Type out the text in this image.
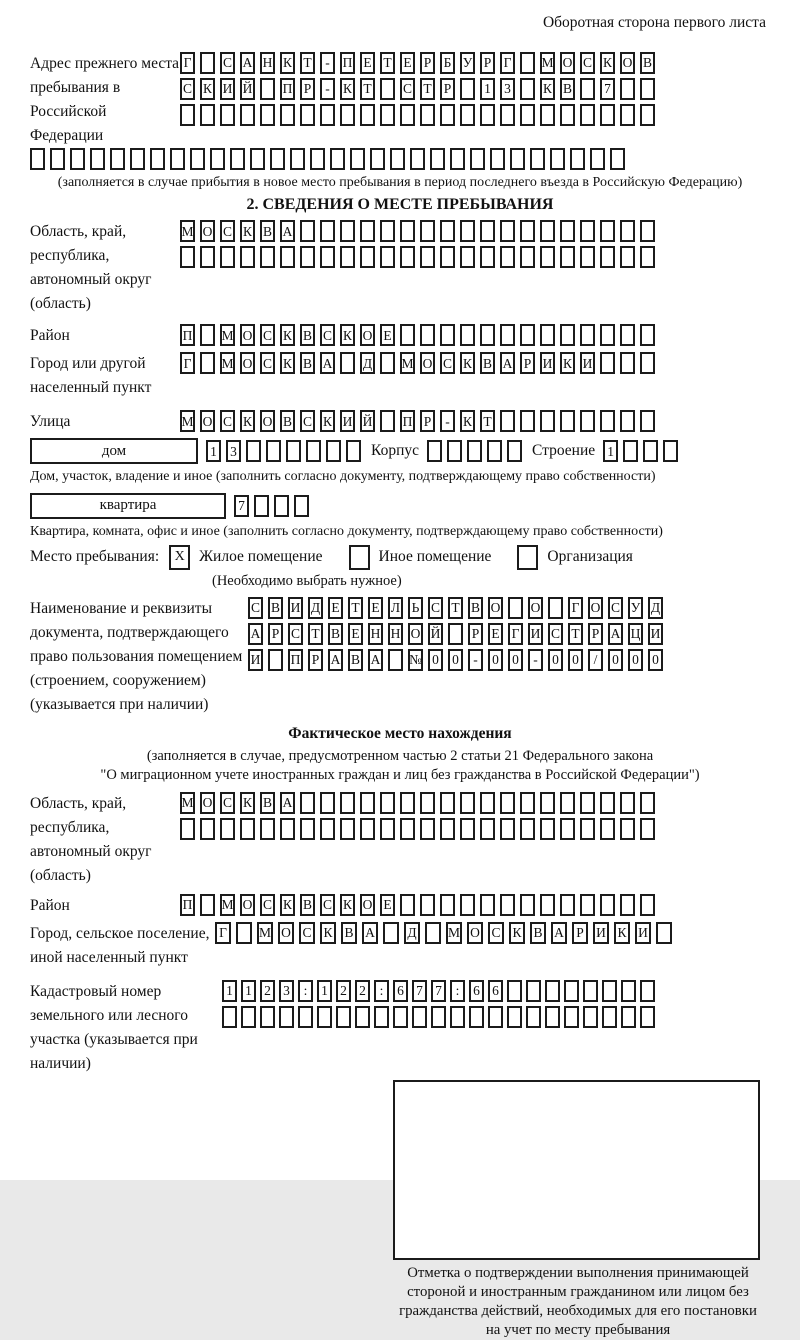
Оборотная сторона первого листа
Адрес прежнего места пребывания в Российской Федерации
Г С А Н К Т	- П Е Т Е Р Б У Р Г М О С К О В
С К И Й П Р	- К Т С Т Р	1 3	К В	7
(заполняется в случае прибытия в новое место пребывания в период последнего въезда в Российскую Федерацию)
2. СВЕДЕНИЯ О МЕСТЕ ПРЕБЫВАНИЯ
Область, край, республика, автономный округ (область)
М О С К В А
Район	П М О С К В С К О Е
Город или другой населенный пункт
Г М О С К В А Д М О С К В А Р И К И
Улица	М О С К О В С К И Й П Р	- К Т
дом	1 3	Корпус	Строение 1
Дом, участок, владение и иное (заполнить согласно документу, подтверждающему право собственности)
квартира	7
Квартира, комната, офис и иное (заполнить согласно документу, подтверждающему право собственности)
Место пребывания:	X Жилое помещение	Иное помещение	Организация
(Необходимо выбрать нужное)
Наименование и реквизиты документа, подтверждающего право пользования помещением (строением, сооружением) (указывается при наличии)
С В И Д Е Т Е Л Ь С Т В О О Г О С У Д
А Р С Т В Е Н Н О Й Р Е Г И С Т Р А Ц И
И П Р А В А № 0 0	-	0 0	-	0 0	/	0 0 0
Фактическое место нахождения
(заполняется в случае, предусмотренном частью 2 статьи 21 Федерального закона
"О миграционном учете иностранных граждан и лиц без гражданства в Российской Федерации")
Область, край, республика, автономный округ (область)
М О С К В А
Район	П М О С К В С К О Е
Город, сельское поселение, иной населенный пункт
Г	М О С К В А Д М О С К В А Р И К И
Кадастровый номер земельного или лесного участка (указывается при наличии)
1 1 2 3	:	1 2 2	:	6 7 7	:	6 6
Отметка о подтверждении выполнения принимающей
стороной и иностранным гражданином или лицом без
гражданства действий, необходимых для его постановки
на учет по месту пребывания
